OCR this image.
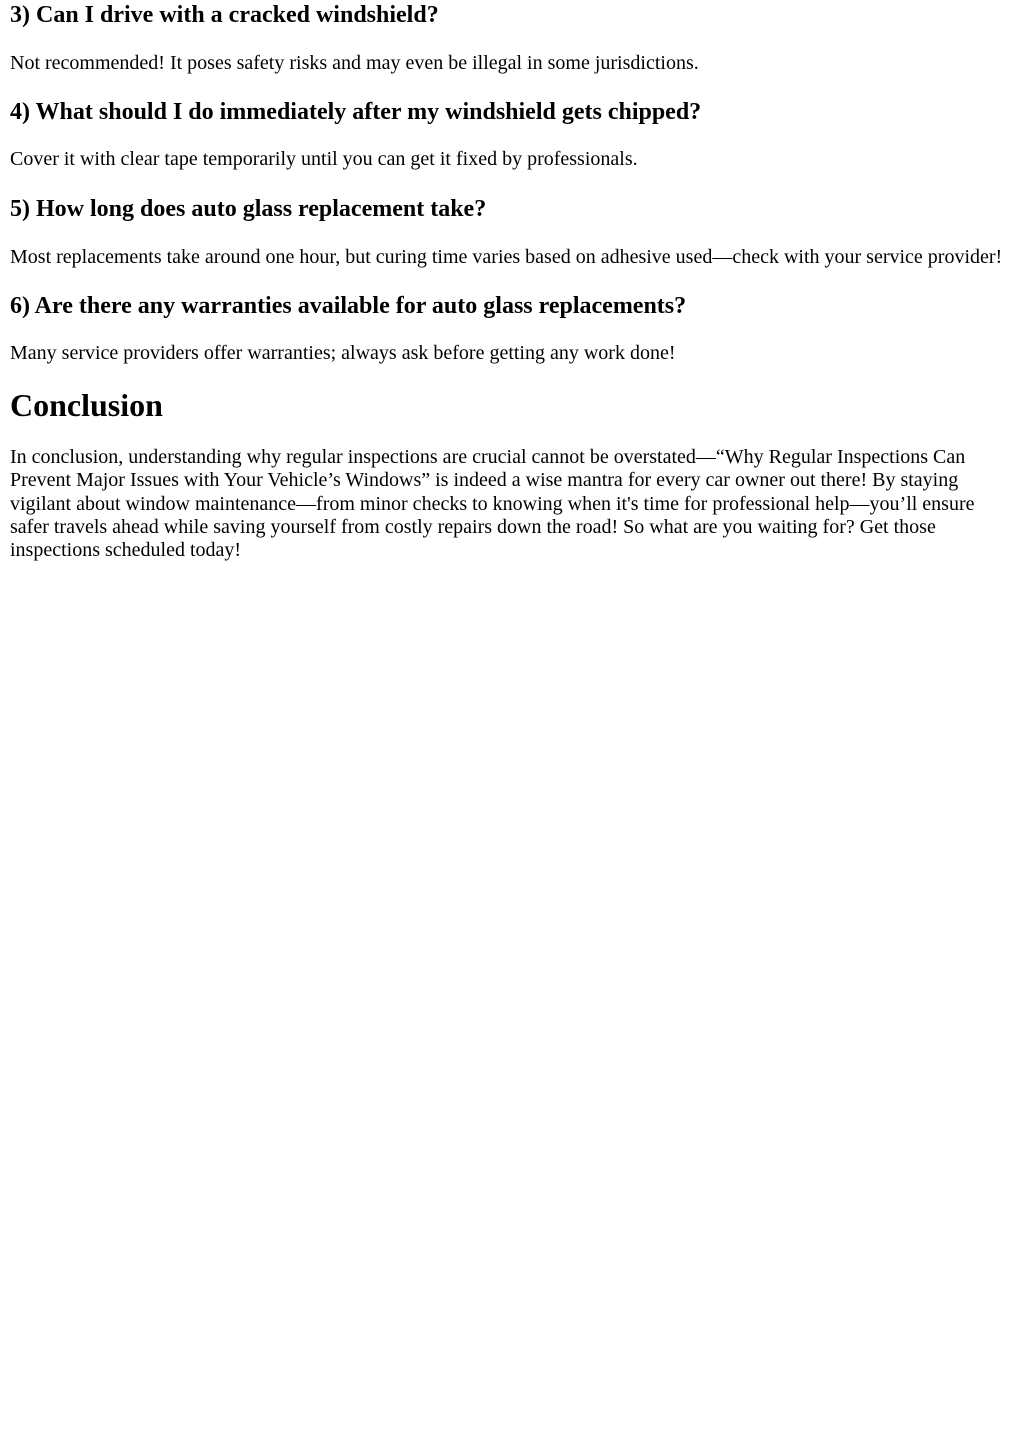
3) Can I drive with a cracked windshield?

Not recommended! It poses safety risks and may even be illegal in some jurisdictions.

4) What should I do immediately after my windshield gets chipped?

Cover it with clear tape temporarily until you can get it fixed by professionals.

5) How long does auto glass replacement take?

Most replacements take around one hour, but curing time varies based on adhesive used—check with your service provider!

6) Are there any warranties available for auto glass replacements?

Many service providers offer warranties; always ask before getting any work done!

Conclusion

In conclusion, understanding why regular inspections are crucial cannot be overstated—“Why Regular Inspections Can Prevent Major Issues with Your Vehicle’s Windows” is indeed a wise mantra for every car owner out there! By staying vigilant about window maintenance—from minor checks to knowing when it's time for professional help—you’ll ensure safer travels ahead while saving yourself from costly repairs down the road! So what are you waiting for? Get those inspections scheduled today!
